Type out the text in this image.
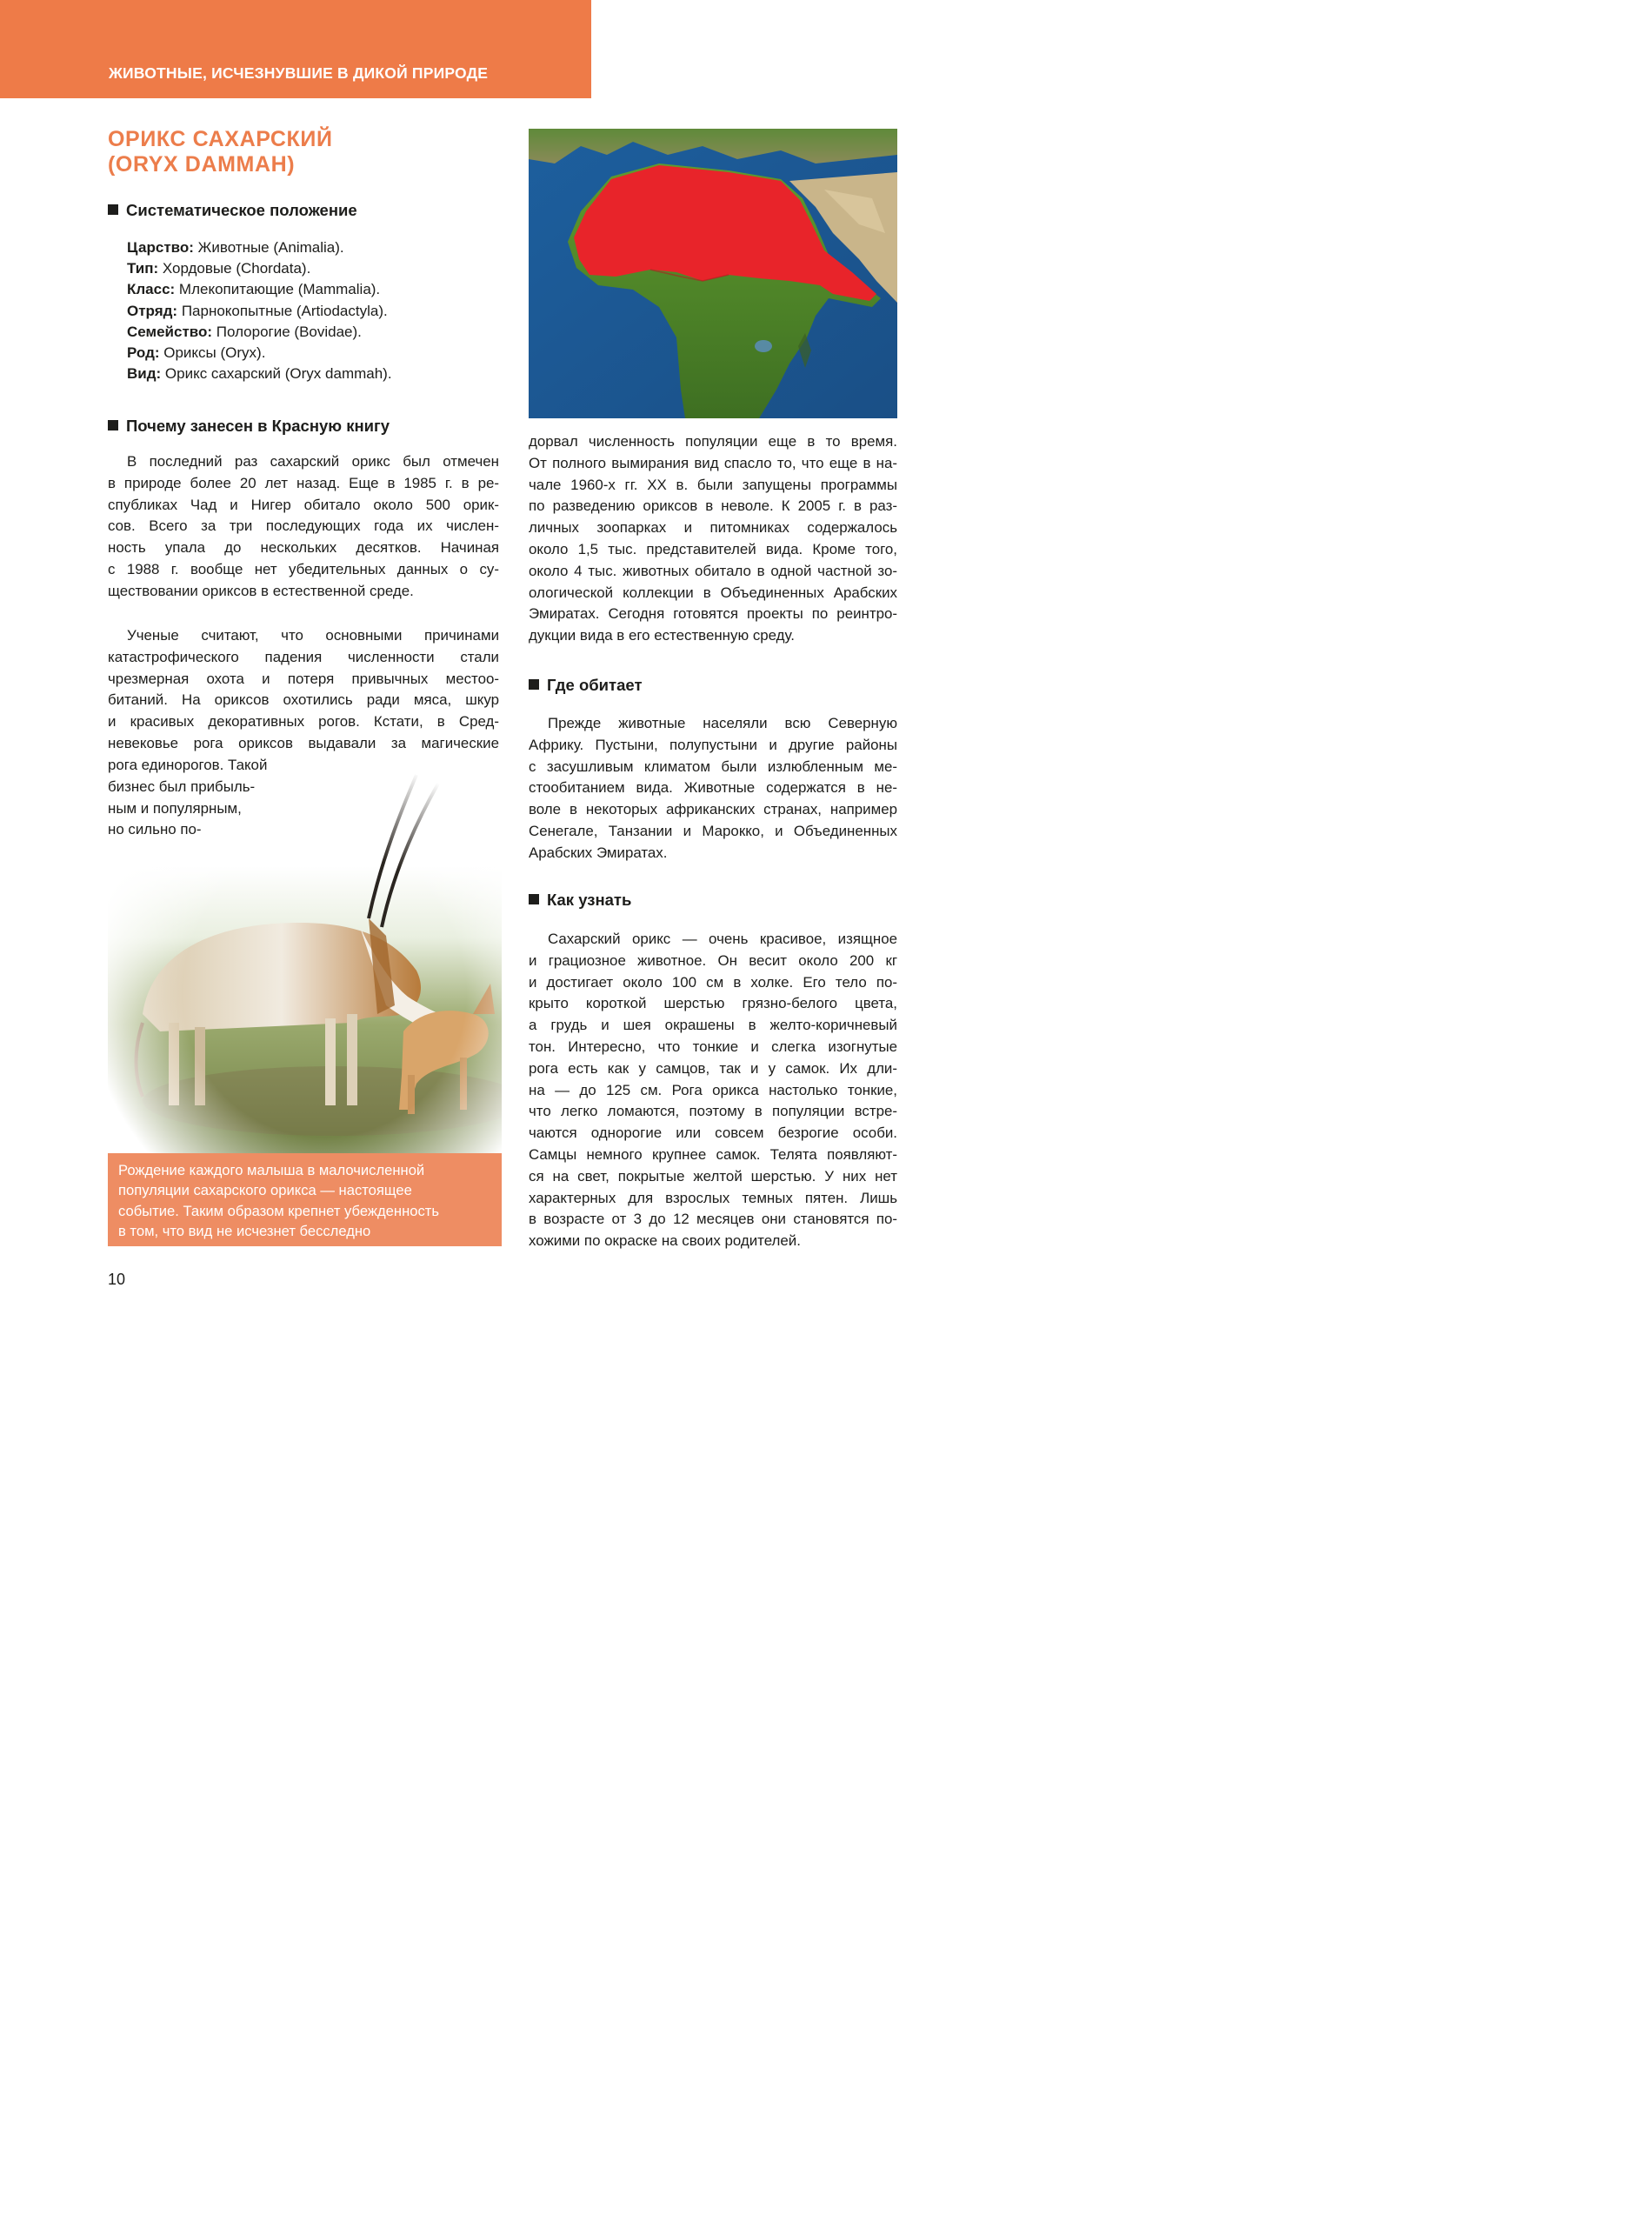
ЖИВОТНЫЕ, ИСЧЕЗНУВШИЕ В ДИКОЙ ПРИРОДЕ
ОРИКС САХАРСКИЙ
(ORYX DAMMAH)
Систематическое положение
Царство: Животные (Animalia).
Тип: Хордовые (Chordata).
Класс: Млекопитающие (Mammalia).
Отряд: Парнокопытные (Artiodactyla).
Семейство: Полорогие (Bovidae).
Род: Ориксы (Oryx).
Вид: Орикс сахарский (Oryx dammah).
Почему занесен в Красную книгу
В последний раз сахарский орикс был отмечен
в природе более 20 лет назад. Еще в 1985 г. в ре-
спубликах Чад и Нигер обитало около 500 орик-
сов. Всего за три последующих года их числен-
ность упала до нескольких десятков. Начиная
с 1988 г. вообще нет убедительных данных о су-
ществовании ориксов в естественной среде.
Ученые считают, что основными причинами
катастрофического падения численности стали
чрезмерная охота и потеря привычных местоо-
битаний. На ориксов охотились ради мяса, шкур
и красивых декоративных рогов. Кстати, в Сред-
невековье рога ориксов выдавали за магические
рога единорогов. Такой
бизнес был прибыль-
ным и популярным,
но сильно по-
Рождение каждого малыша в малочисленной
популяции сахарского орикса — настоящее
событие. Таким образом крепнет убежденность
в том, что вид не исчезнет бесследно
дорвал численность популяции еще в то время.
От полного вымирания вид спасло то, что еще в на-
чале 1960-х гг. XX в. были запущены программы
по разведению ориксов в неволе. К 2005 г. в раз-
личных зоопарках и питомниках содержалось
около 1,5 тыс. представителей вида. Кроме того,
около 4 тыс. животных обитало в одной частной зо-
ологической коллекции в Объединенных Арабских
Эмиратах. Сегодня готовятся проекты по реинтро-
дукции вида в его естественную среду.
Где обитает
Прежде животные населяли всю Северную
Африку. Пустыни, полупустыни и другие районы
с засушливым климатом были излюбленным ме-
стообитанием вида. Животные содержатся в не-
воле в некоторых африканских странах, например
Сенегале, Танзании и Марокко, и Объединенных
Арабских Эмиратах.
Как узнать
Сахарский орикс — очень красивое, изящное
и грациозное животное. Он весит около 200 кг
и достигает около 100 см в холке. Его тело по-
крыто короткой шерстью грязно-белого цвета,
а грудь и шея окрашены в желто-коричневый
тон. Интересно, что тонкие и слегка изогнутые
рога есть как у самцов, так и у самок. Их дли-
на — до 125 см. Рога орикса настолько тонкие,
что легко ломаются, поэтому в популяции встре-
чаются однорогие или совсем безрогие особи.
Самцы немного крупнее самок. Телята появляют-
ся на свет, покрытые желтой шерстью. У них нет
характерных для взрослых темных пятен. Лишь
в возрасте от 3 до 12 месяцев они становятся по-
хожими по окраске на своих родителей.
10
